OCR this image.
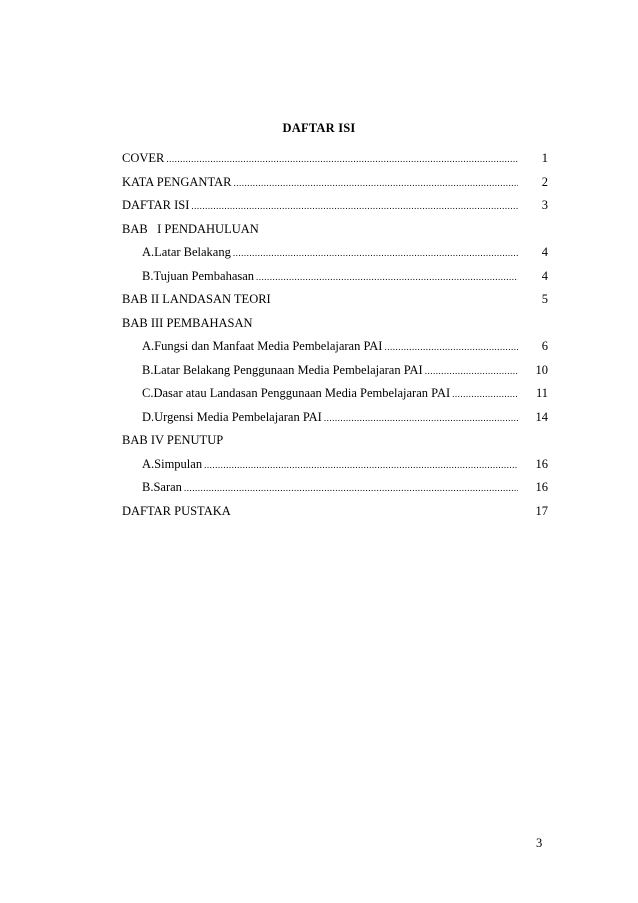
DAFTAR ISI
COVER .....	1
KATA PENGANTAR .....	2
DAFTAR ISI .....	3
BAB   I PENDAHULUAN
A. Latar Belakang .....	4
B. Tujuan Pembahasan .....	4
BAB II LANDASAN TEORI	5
BAB III PEMBAHASAN
A. Fungsi dan Manfaat Media Pembelajaran PAI .....	6
B. Latar Belakang Penggunaan Media Pembelajaran PAI .....	10
C. Dasar atau Landasan Penggunaan Media Pembelajaran PAI .....	11
D. Urgensi Media Pembelajaran PAI .....	14
BAB IV PENUTUP
A. Simpulan .....	16
B. Saran .....	16
DAFTAR PUSTAKA	17
3
